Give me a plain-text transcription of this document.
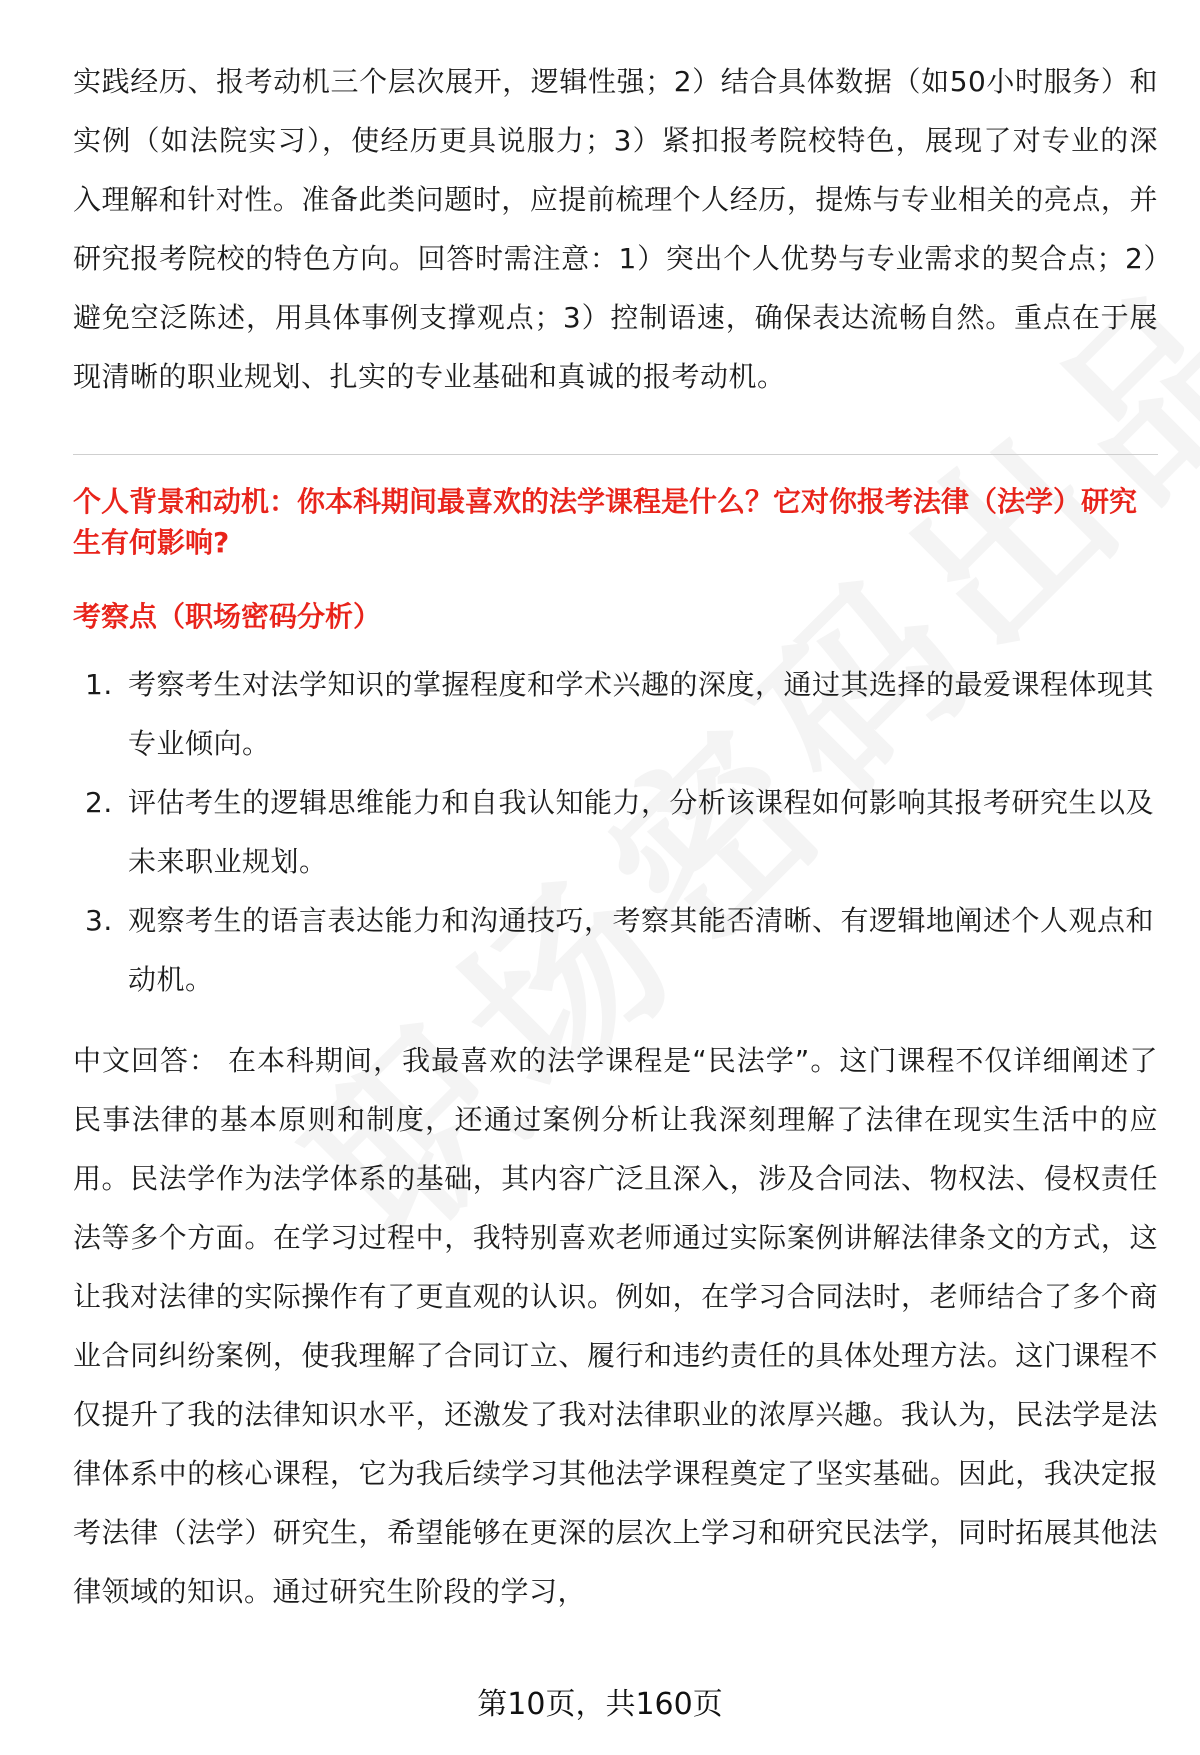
实践经历、报考动机三个层次展开，逻辑性强；2）结合具体数据（如50小时服务）和实例（如法院实习），使经历更具说服力；3）紧扣报考院校特色，展现了对专业的深入理解和针对性。准备此类问题时，应提前梳理个人经历，提炼与专业相关的亮点，并研究报考院校的特色方向。回答时需注意：1）突出个人优势与专业需求的契合点；2）避免空泛陈述，用具体事例支撑观点；3）控制语速，确保表达流畅自然。重点在于展现清晰的职业规划、扎实的专业基础和真诚的报考动机。

个人背景和动机：你本科期间最喜欢的法学课程是什么？它对你报考法律（法学）研究生有何影响?

考察点（职场密码分析）

1. 考察考生对法学知识的掌握程度和学术兴趣的深度，通过其选择的最爱课程体现其专业倾向。
2. 评估考生的逻辑思维能力和自我认知能力，分析该课程如何影响其报考研究生以及未来职业规划。
3. 观察考生的语言表达能力和沟通技巧，考察其能否清晰、有逻辑地阐述个人观点和动机。

中文回答： 在本科期间，我最喜欢的法学课程是“民法学”。这门课程不仅详细阐述了民事法律的基本原则和制度，还通过案例分析让我深刻理解了法律在现实生活中的应用。民法学作为法学体系的基础，其内容广泛且深入，涉及合同法、物权法、侵权责任法等多个方面。在学习过程中，我特别喜欢老师通过实际案例讲解法律条文的方式，这让我对法律的实际操作有了更直观的认识。例如，在学习合同法时，老师结合了多个商业合同纠纷案例，使我理解了合同订立、履行和违约责任的具体处理方法。这门课程不仅提升了我的法律知识水平，还激发了我对法律职业的浓厚兴趣。我认为，民法学是法律体系中的核心课程，它为我后续学习其他法学课程奠定了坚实基础。因此，我决定报考法律（法学）研究生，希望能够在更深的层次上学习和研究民法学，同时拓展其他法律领域的知识。通过研究生阶段的学习，

第10页，共160页
